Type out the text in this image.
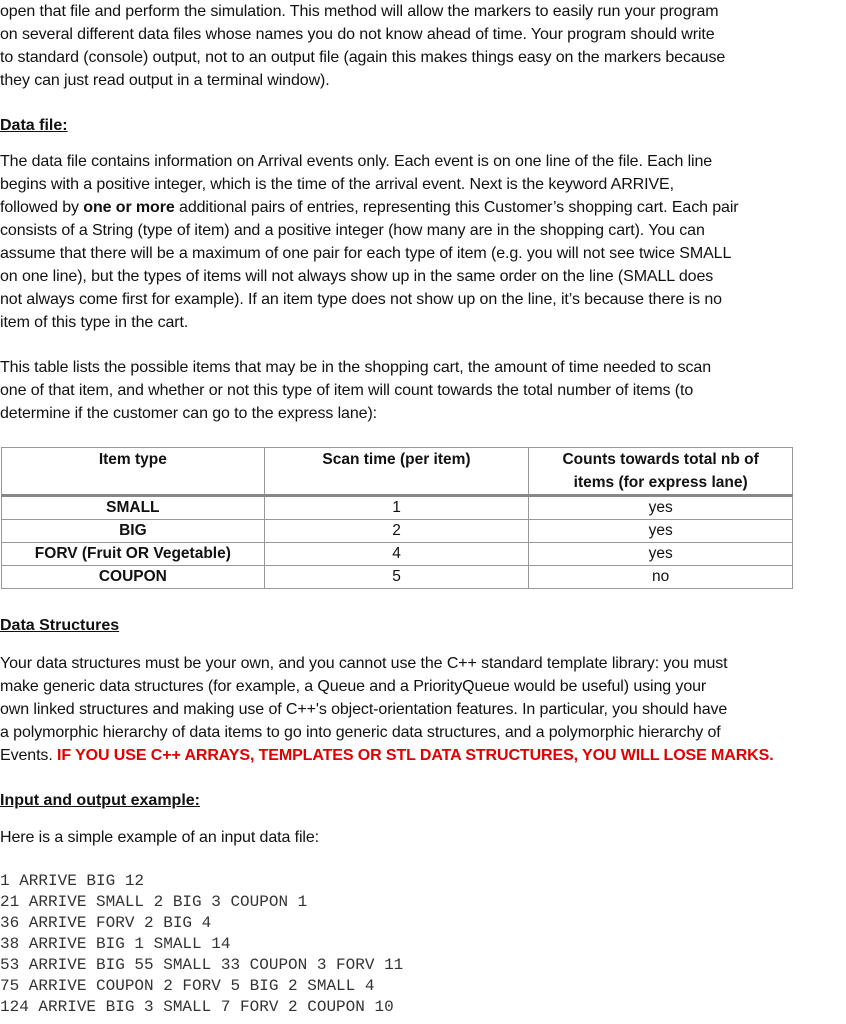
open that file and perform the simulation. This method will allow the markers to easily run your program

on several different data files whose names you do not know ahead of time. Your program should write

to standard (console) output, not to an output file (again this makes things easy on the markers because

they can just read output in a terminal window).

Data file:

The data file contains information on Arrival events only. Each event is on one line of the file. Each line

begins with a positive integer, which is the time of the arrival event. Next is the keyword ARRIVE,

followed by one or more additional pairs of entries, representing this Customer’s shopping cart. Each pair

consists of a String (type of item) and a positive integer (how many are in the shopping cart). You can

assume that there will be a maximum of one pair for each type of item (e.g. you will not see twice SMALL

on one line), but the types of items will not always show up in the same order on the line (SMALL does

not always come first for example). If an item type does not show up on the line, it’s because there is no

item of this type in the cart.

This table lists the possible items that may be in the shopping cart, the amount of time needed to scan

one of that item, and whether or not this type of item will count towards the total number of items (to

determine if the customer can go to the express lane):

Item type	Scan time (per item)	Counts towards total nb of
items (for express lane)
SMALL	1	yes
BIG	2	yes
FORV (Fruit OR Vegetable)	4	yes
COUPON	5	no

Data Structures

Your data structures must be your own, and you cannot use the C++ standard template library: you must

make generic data structures (for example, a Queue and a PriorityQueue would be useful) using your

own linked structures and making use of C++'s object-orientation features. In particular, you should have

a polymorphic hierarchy of data items to go into generic data structures, and a polymorphic hierarchy of

Events. IF YOU USE C++ ARRAYS, TEMPLATES OR STL DATA STRUCTURES, YOU WILL LOSE MARKS.

Input and output example:

Here is a simple example of an input data file:

1 ARRIVE BIG 12

21 ARRIVE SMALL 2 BIG 3 COUPON 1

36 ARRIVE FORV 2 BIG 4

38 ARRIVE BIG 1 SMALL 14

53 ARRIVE BIG 55 SMALL 33 COUPON 3 FORV 11

75 ARRIVE COUPON 2 FORV 5 BIG 2 SMALL 4

124 ARRIVE BIG 3 SMALL 7 FORV 2 COUPON 10
